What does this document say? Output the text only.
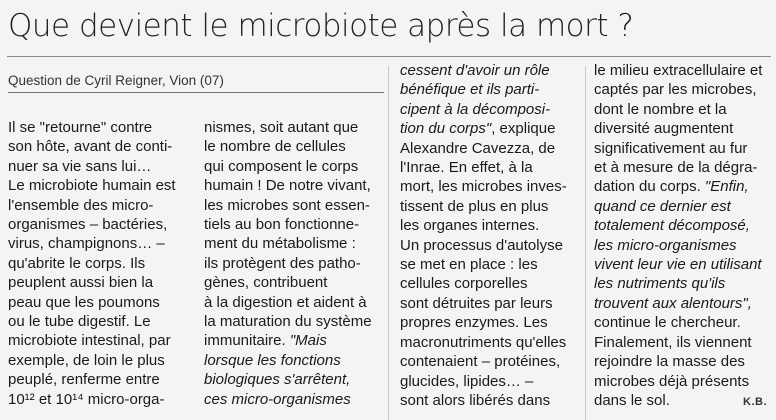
Que devient le microbiote après la mort ?
Question de Cyril Reigner, Vion (07)
Il se "retourne" contre
son hôte, avant de conti-
nuer sa vie sans lui…
Le microbiote humain est
l'ensemble des micro-
organismes – bactéries,
virus, champignons… –
qu'abrite le corps. Ils
peuplent aussi bien la
peau que les poumons
ou le tube digestif. Le
microbiote intestinal, par
exemple, de loin le plus
peuplé, renferme entre
10¹² et 10¹⁴ micro-orga-
nismes, soit autant que
le nombre de cellules
qui composent le corps
humain ! De notre vivant,
les microbes sont essen-
tiels au bon fonctionne-
ment du métabolisme :
ils protègent des patho-
gènes, contribuent
à la digestion et aident à
la maturation du système
immunitaire. "Mais
lorsque les fonctions
biologiques s'arrêtent,
ces micro-organismes
cessent d'avoir un rôle
bénéfique et ils parti-
cipent à la décomposi-
tion du corps", explique
Alexandre Cavezza, de
l'Inrae. En effet, à la
mort, les microbes inves-
tissent de plus en plus
les organes internes.
Un processus d'autolyse
se met en place : les
cellules corporelles
sont détruites par leurs
propres enzymes. Les
macronutriments qu'elles
contenaient – protéines,
glucides, lipides… –
sont alors libérés dans
le milieu extracellulaire et
captés par les microbes,
dont le nombre et la
diversité augmentent
significativement au fur
et à mesure de la dégra-
dation du corps. "Enfin,
quand ce dernier est
totalement décomposé,
les micro-organismes
vivent leur vie en utilisant
les nutriments qu'ils
trouvent aux alentours",
continue le chercheur.
Finalement, ils viennent
rejoindre la masse des
microbes déjà présents
dans le sol.	K.B.
